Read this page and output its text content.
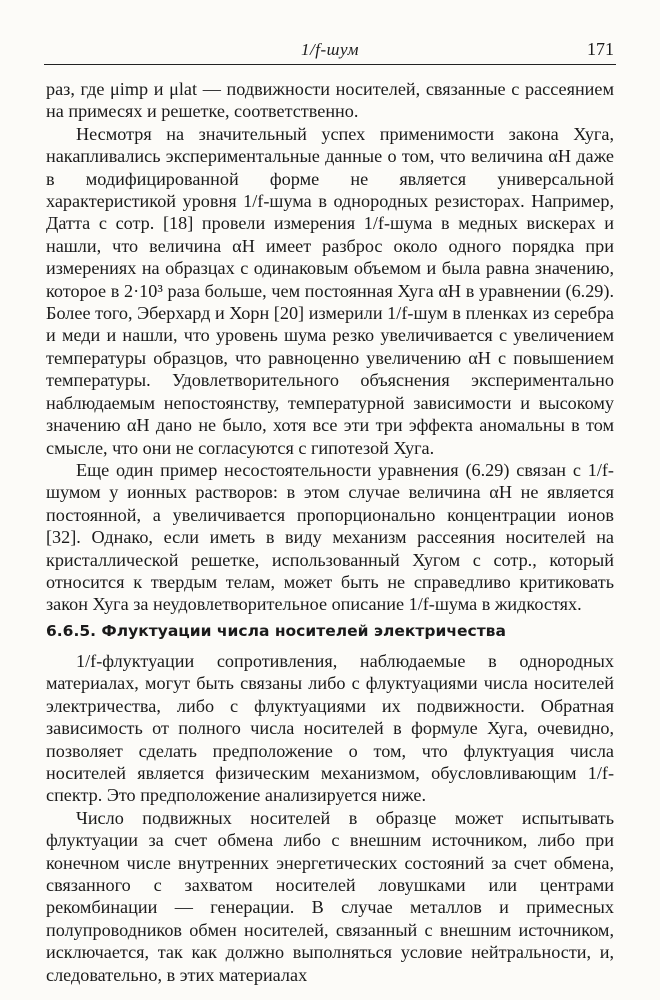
1/f-шум	171

раз, где μimp и μlat — подвижности носителей, связанные с рассеянием на примесях и решетке, соответственно.

Несмотря на значительный успех применимости закона Хуга, накапливались экспериментальные данные о том, что величина αH даже в модифицированной форме не является универсальной характеристикой уровня 1/f-шума в однородных резисторах. Например, Датта с сотр. [18] провели измерения 1/f-шума в медных вискерах и нашли, что величина αH имеет разброс около одного порядка при измерениях на образцах с одинаковым объемом и была равна значению, которое в 2·10³ раза больше, чем постоянная Хуга αH в уравнении (6.29). Более того, Эберхард и Хорн [20] измерили 1/f-шум в пленках из серебра и меди и нашли, что уровень шума резко увеличивается с увеличением температуры образцов, что равноценно увеличению αH с повышением температуры. Удовлетворительного объяснения экспериментально наблюдаемым непостоянству, температурной зависимости и высокому значению αH дано не было, хотя все эти три эффекта аномальны в том смысле, что они не согласуются с гипотезой Хуга.

Еще один пример несостоятельности уравнения (6.29) связан с 1/f-шумом у ионных растворов: в этом случае величина αH не является постоянной, а увеличивается пропорционально концентрации ионов [32]. Однако, если иметь в виду механизм рассеяния носителей на кристаллической решетке, использованный Хугом с сотр., который относится к твердым телам, может быть не справедливо критиковать закон Хуга за неудовлетворительное описание 1/f-шума в жидкостях.

6.6.5. Флуктуации числа носителей электричества

1/f-флуктуации сопротивления, наблюдаемые в однородных материалах, могут быть связаны либо с флуктуациями числа носителей электричества, либо с флуктуациями их подвижности. Обратная зависимость от полного числа носителей в формуле Хуга, очевидно, позволяет сделать предположение о том, что флуктуация числа носителей является физическим механизмом, обусловливающим 1/f-спектр. Это предположение анализируется ниже.

Число подвижных носителей в образце может испытывать флуктуации за счет обмена либо с внешним источником, либо при конечном числе внутренних энергетических состояний за счет обмена, связанного с захватом носителей ловушками или центрами рекомбинации — генерации. В случае металлов и примесных полупроводников обмен носителей, связанный с внешним источником, исключается, так как должно выполняться условие нейтральности, и, следовательно, в этих материалах
